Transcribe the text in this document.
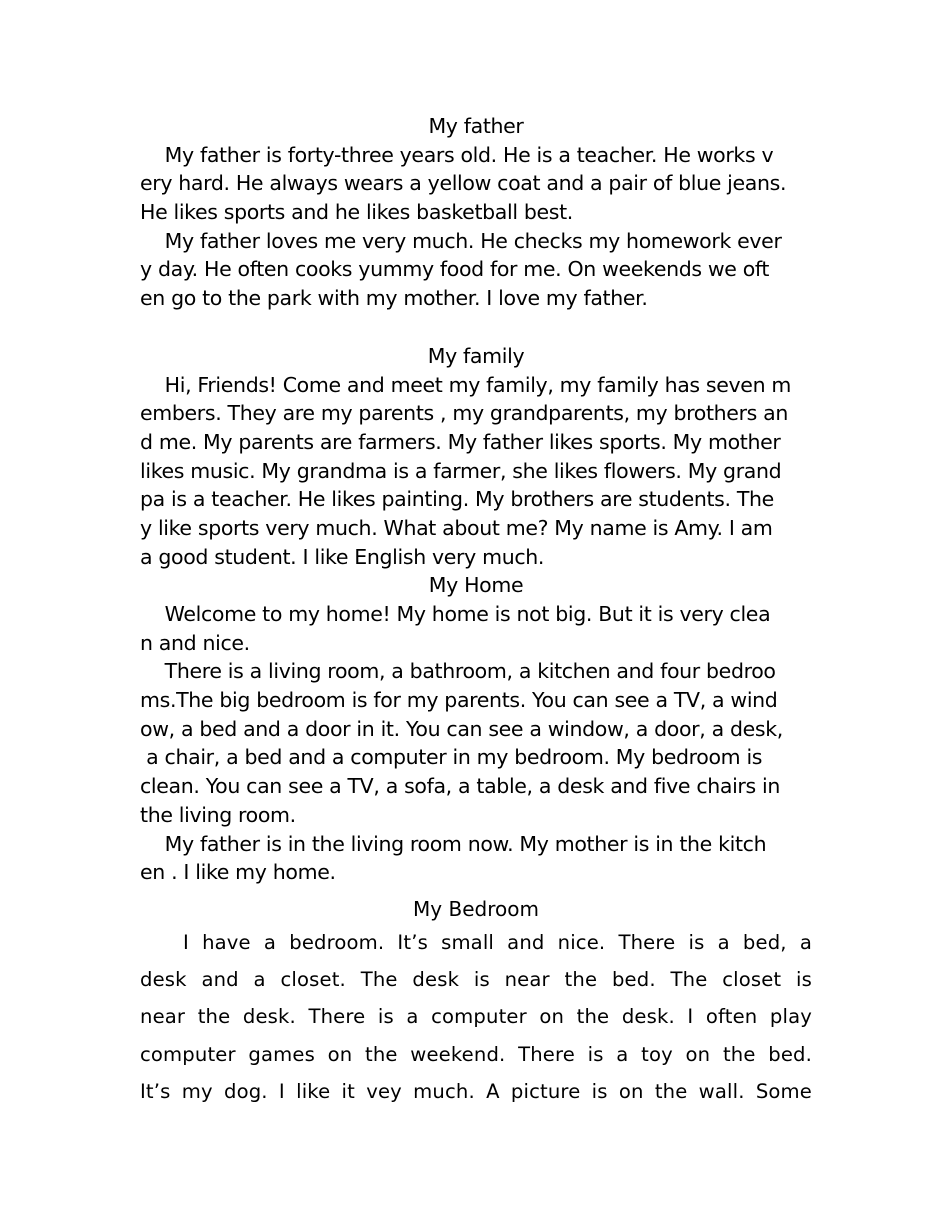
My father
My father is forty-three years old. He is a teacher. He works v
ery hard. He always wears a yellow coat and a pair of blue jeans.
He likes sports and he likes basketball best.
My father loves me very much. He checks my homework ever
y day. He often cooks yummy food for me. On weekends we oft
en go to the park with my mother. I love my father.
My family
Hi, Friends! Come and meet my family, my family has seven m
embers. They are my parents , my grandparents, my brothers an
d me. My parents are farmers. My father likes sports. My mother
likes music. My grandma is a farmer, she likes flowers. My grand
pa is a teacher. He likes painting. My brothers are students. The
y like sports very much. What about me? My name is Amy. I am
a good student. I like English very much.
My Home
Welcome to my home! My home is not big. But it is very clea
n and nice.
There is a living room, a bathroom, a kitchen and four bedroo
ms.The big bedroom is for my parents. You can see a TV, a wind
ow, a bed and a door in it. You can see a window, a door, a desk,
a chair, a bed and a computer in my bedroom. My bedroom is
clean. You can see a TV, a sofa, a table, a desk and five chairs in
the living room.
My father is in the living room now. My mother is in the kitch
en . I like my home.
My Bedroom
I have a bedroom. It’s small and nice. There is a bed, a
desk and a closet. The desk is near the bed. The closet is
near the desk. There is a computer on the desk. I often play
computer games on the weekend. There is a toy on the bed.
It’s my dog. I like it vey much. A picture is on the wall. Some
